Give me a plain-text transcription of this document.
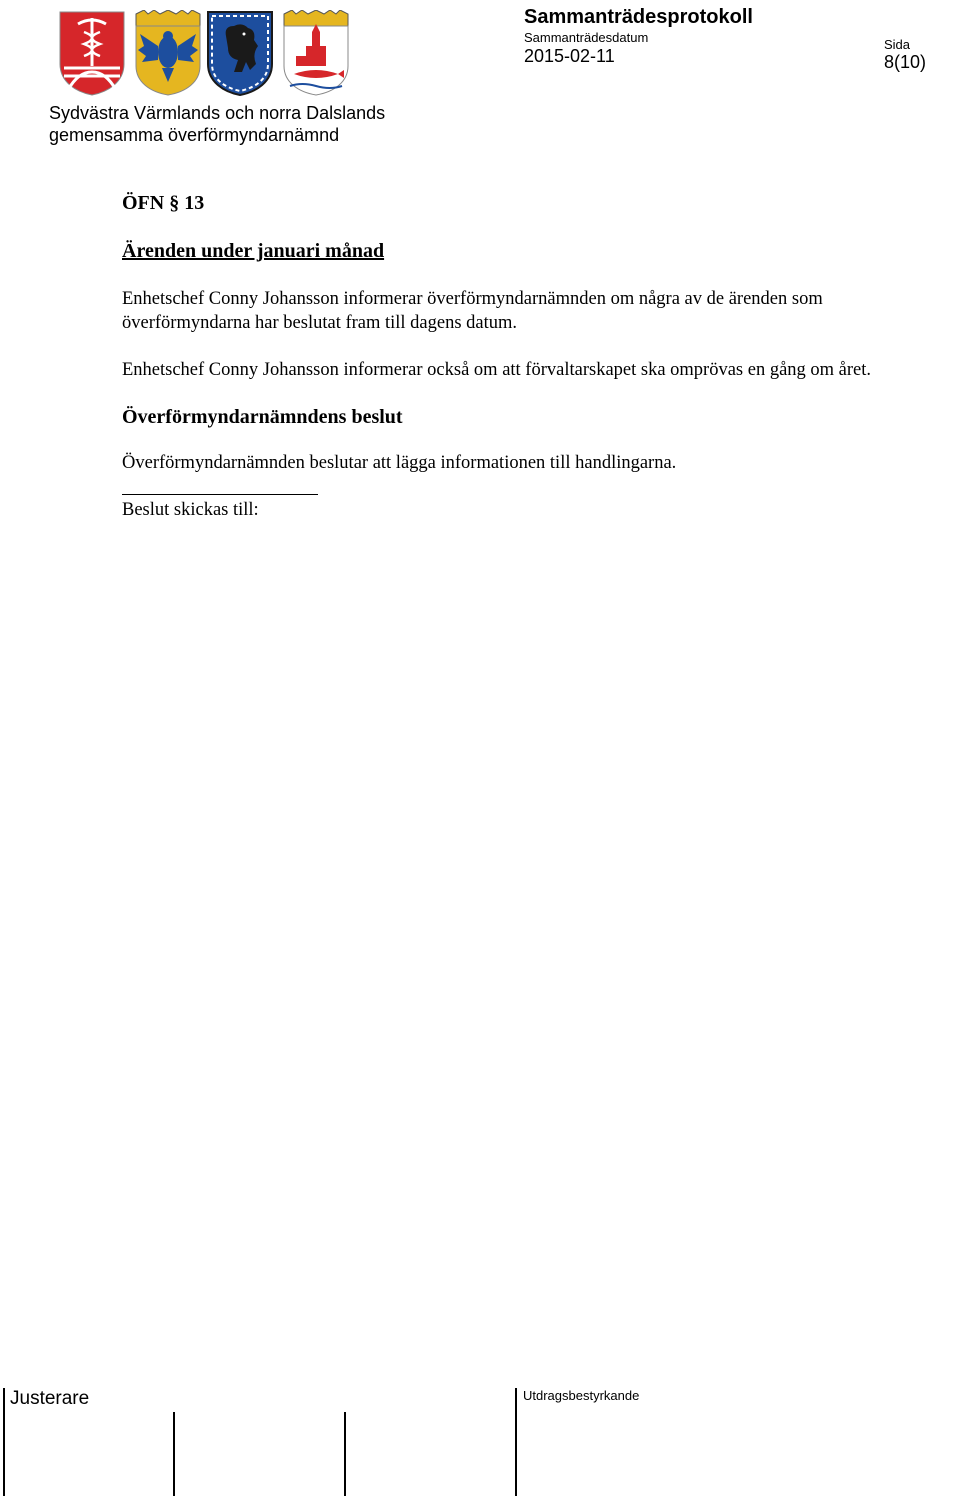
Sammanträdesprotokoll
Sammanträdesdatum
2015-02-11
Sida
8(10)
Sydvästra Värmlands och norra Dalslands
gemensamma överförmyndarnämnd
ÖFN § 13
Ärenden under januari månad
Enhetschef Conny Johansson informerar överförmyndarnämnden om några av de ärenden som överförmyndarna har beslutat fram till dagens datum.
Enhetschef Conny Johansson informerar också om att förvaltarskapet ska omprövas en gång om året.
Överförmyndarnämndens beslut
Överförmyndarnämnden beslutar att lägga informationen till handlingarna.
Beslut skickas till:
Justerare	Utdragsbestyrkande
